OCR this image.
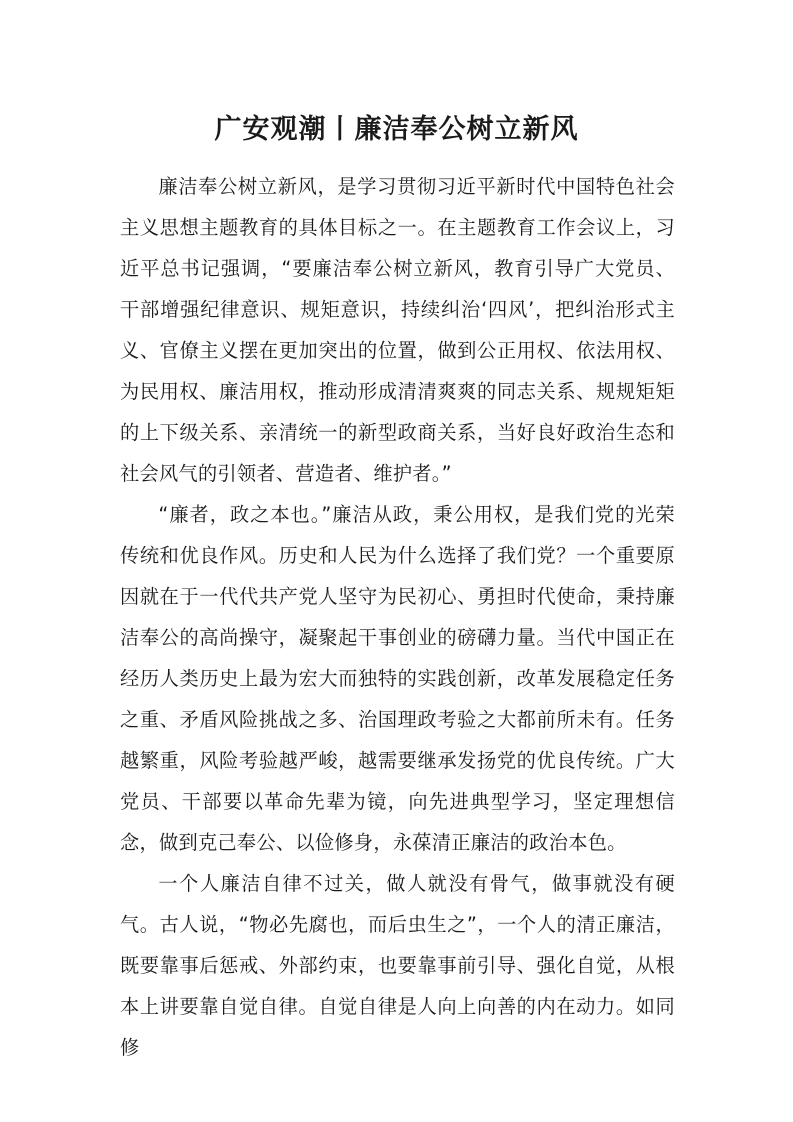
广安观潮丨廉洁奉公树立新风

廉洁奉公树立新风，是学习贯彻习近平新时代中国特色社会主义思想主题教育的具体目标之一。在主题教育工作会议上，习近平总书记强调，“要廉洁奉公树立新风，教育引导广大党员、干部增强纪律意识、规矩意识，持续纠治‘四风’，把纠治形式主义、官僚主义摆在更加突出的位置，做到公正用权、依法用权、为民用权、廉洁用权，推动形成清清爽爽的同志关系、规规矩矩的上下级关系、亲清统一的新型政商关系，当好良好政治生态和社会风气的引领者、营造者、维护者。”

“廉者，政之本也。”廉洁从政，秉公用权，是我们党的光荣传统和优良作风。历史和人民为什么选择了我们党？一个重要原因就在于一代代共产党人坚守为民初心、勇担时代使命，秉持廉洁奉公的高尚操守，凝聚起干事创业的磅礴力量。当代中国正在经历人类历史上最为宏大而独特的实践创新，改革发展稳定任务之重、矛盾风险挑战之多、治国理政考验之大都前所未有。任务越繁重，风险考验越严峻，越需要继承发扬党的优良传统。广大党员、干部要以革命先辈为镜，向先进典型学习，坚定理想信念，做到克己奉公、以俭修身，永葆清正廉洁的政治本色。

一个人廉洁自律不过关，做人就没有骨气，做事就没有硬气。古人说，“物必先腐也，而后虫生之”，一个人的清正廉洁，既要靠事后惩戒、外部约束，也要靠事前引导、强化自觉，从根本上讲要靠自觉自律。自觉自律是人向上向善的内在动力。如同修
